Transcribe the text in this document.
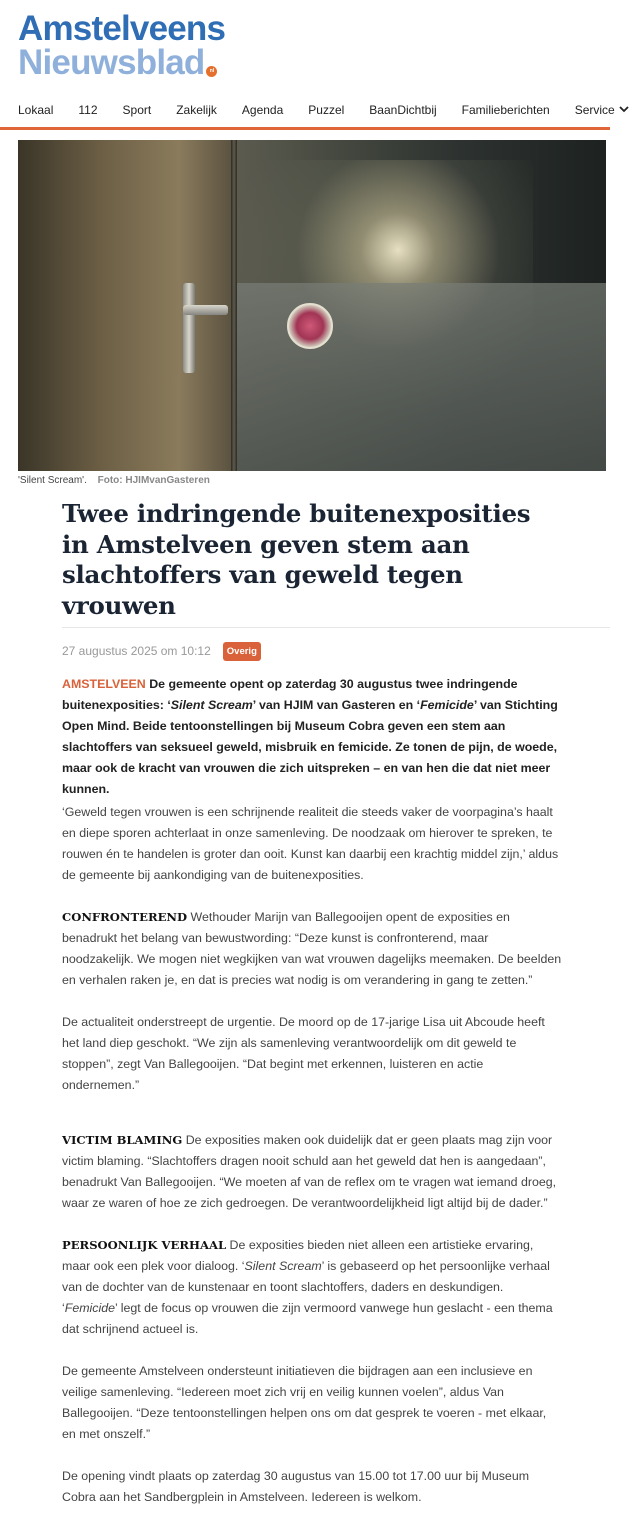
Amstelveens
Nieuwsblad nl
Lokaal 112 Sport Zakelijk Agenda Puzzel BaanDichtbij Familieberichten Service
'Silent Scream'. Foto: HJIMvanGasteren
Twee indringende buitenexposities in Amstelveen geven stem aan slachtoffers van geweld tegen vrouwen
27 augustus 2025 om 10:12	Overig

AMSTELVEEN De gemeente opent op zaterdag 30 augustus twee indringende buitenexposities: ‘Silent Scream’ van HJIM van Gasteren en ‘Femicide’ van Stichting Open Mind. Beide tentoonstellingen bij Museum Cobra geven een stem aan slachtoffers van seksueel geweld, misbruik en femicide. Ze tonen de pijn, de woede, maar ook de kracht van vrouwen die zich uitspreken – en van hen die dat niet meer kunnen.

‘Geweld tegen vrouwen is een schrijnende realiteit die steeds vaker de voorpagina’s haalt en diepe sporen achterlaat in onze samenleving. De noodzaak om hierover te spreken, te rouwen én te handelen is groter dan ooit. Kunst kan daarbij een krachtig middel zijn,’ aldus de gemeente bij aankondiging van de buitenexposities.

CONFRONTEREND Wethouder Marijn van Ballegooijen opent de exposities en benadrukt het belang van bewustwording: “Deze kunst is confronterend, maar noodzakelijk. We mogen niet wegkijken van wat vrouwen dagelijks meemaken. De beelden en verhalen raken je, en dat is precies wat nodig is om verandering in gang te zetten.”

De actualiteit onderstreept de urgentie. De moord op de 17-jarige Lisa uit Abcoude heeft het land diep geschokt. “We zijn als samenleving verantwoordelijk om dit geweld te stoppen”, zegt Van Ballegooijen. “Dat begint met erkennen, luisteren en actie ondernemen.”

VICTIM BLAMING De exposities maken ook duidelijk dat er geen plaats mag zijn voor victim blaming. “Slachtoffers dragen nooit schuld aan het geweld dat hen is aangedaan”, benadrukt Van Ballegooijen. “We moeten af van de reflex om te vragen wat iemand droeg, waar ze waren of hoe ze zich gedroegen. De verantwoordelijkheid ligt altijd bij de dader.”

PERSOONLIJK VERHAAL De exposities bieden niet alleen een artistieke ervaring, maar ook een plek voor dialoog. ‘Silent Scream’ is gebaseerd op het persoonlijke verhaal van de dochter van de kunstenaar en toont slachtoffers, daders en deskundigen. ‘Femicide’ legt de focus op vrouwen die zijn vermoord vanwege hun geslacht - een thema dat schrijnend actueel is.

De gemeente Amstelveen ondersteunt initiatieven die bijdragen aan een inclusieve en veilige samenleving. “Iedereen moet zich vrij en veilig kunnen voelen”, aldus Van Ballegooijen. “Deze tentoonstellingen helpen ons om dat gesprek te voeren - met elkaar, en met onszelf.”

De opening vindt plaats op zaterdag 30 augustus van 15.00 tot 17.00 uur bij Museum Cobra aan het Sandbergplein in Amstelveen. Iedereen is welkom.
